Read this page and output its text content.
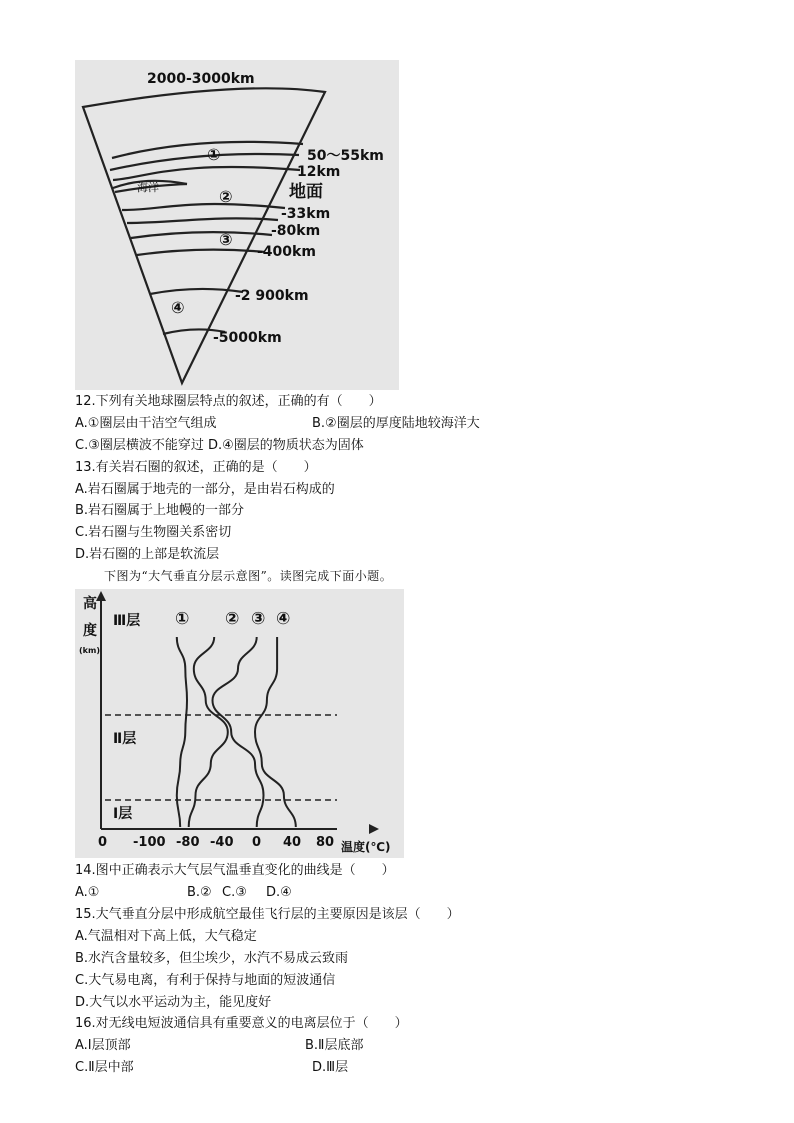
2000-3000km
①
②
③
④
海洋
50～55km
12km
地面
-33km
-80km
-400km
-2 900km
-5000km
12.下列有关地球圈层特点的叙述，正确的有（　　）
A.①圈层由干洁空气组成	B.②圈层的厚度陆地较海洋大
C.③圈层横波不能穿过 D.④圈层的物质状态为固体
13.有关岩石圈的叙述，正确的是（　　）
A.岩石圈属于地壳的一部分，是由岩石构成的
B.岩石圈属于上地幔的一部分
C.岩石圈与生物圈关系密切
D.岩石圈的上部是软流层
下图为“大气垂直分层示意图”。读图完成下面小题。
高
度
(km)
Ⅲ层
Ⅱ层
Ⅰ层
① ② ③ ④
0 -100 -80 -40 0 40 80 温度(℃)
14.图中正确表示大气层气温垂直变化的曲线是（　　）
A.①	B.② C.③ D.④
15.大气垂直分层中形成航空最佳飞行层的主要原因是该层（　　）
A.气温相对下高上低，大气稳定
B.水汽含量较多，但尘埃少，水汽不易成云致雨
C.大气易电离，有利于保持与地面的短波通信
D.大气以水平运动为主，能见度好
16.对无线电短波通信具有重要意义的电离层位于（　　）
A.Ⅰ层顶部	B.Ⅱ层底部
C.Ⅱ层中部	D.Ⅲ层
